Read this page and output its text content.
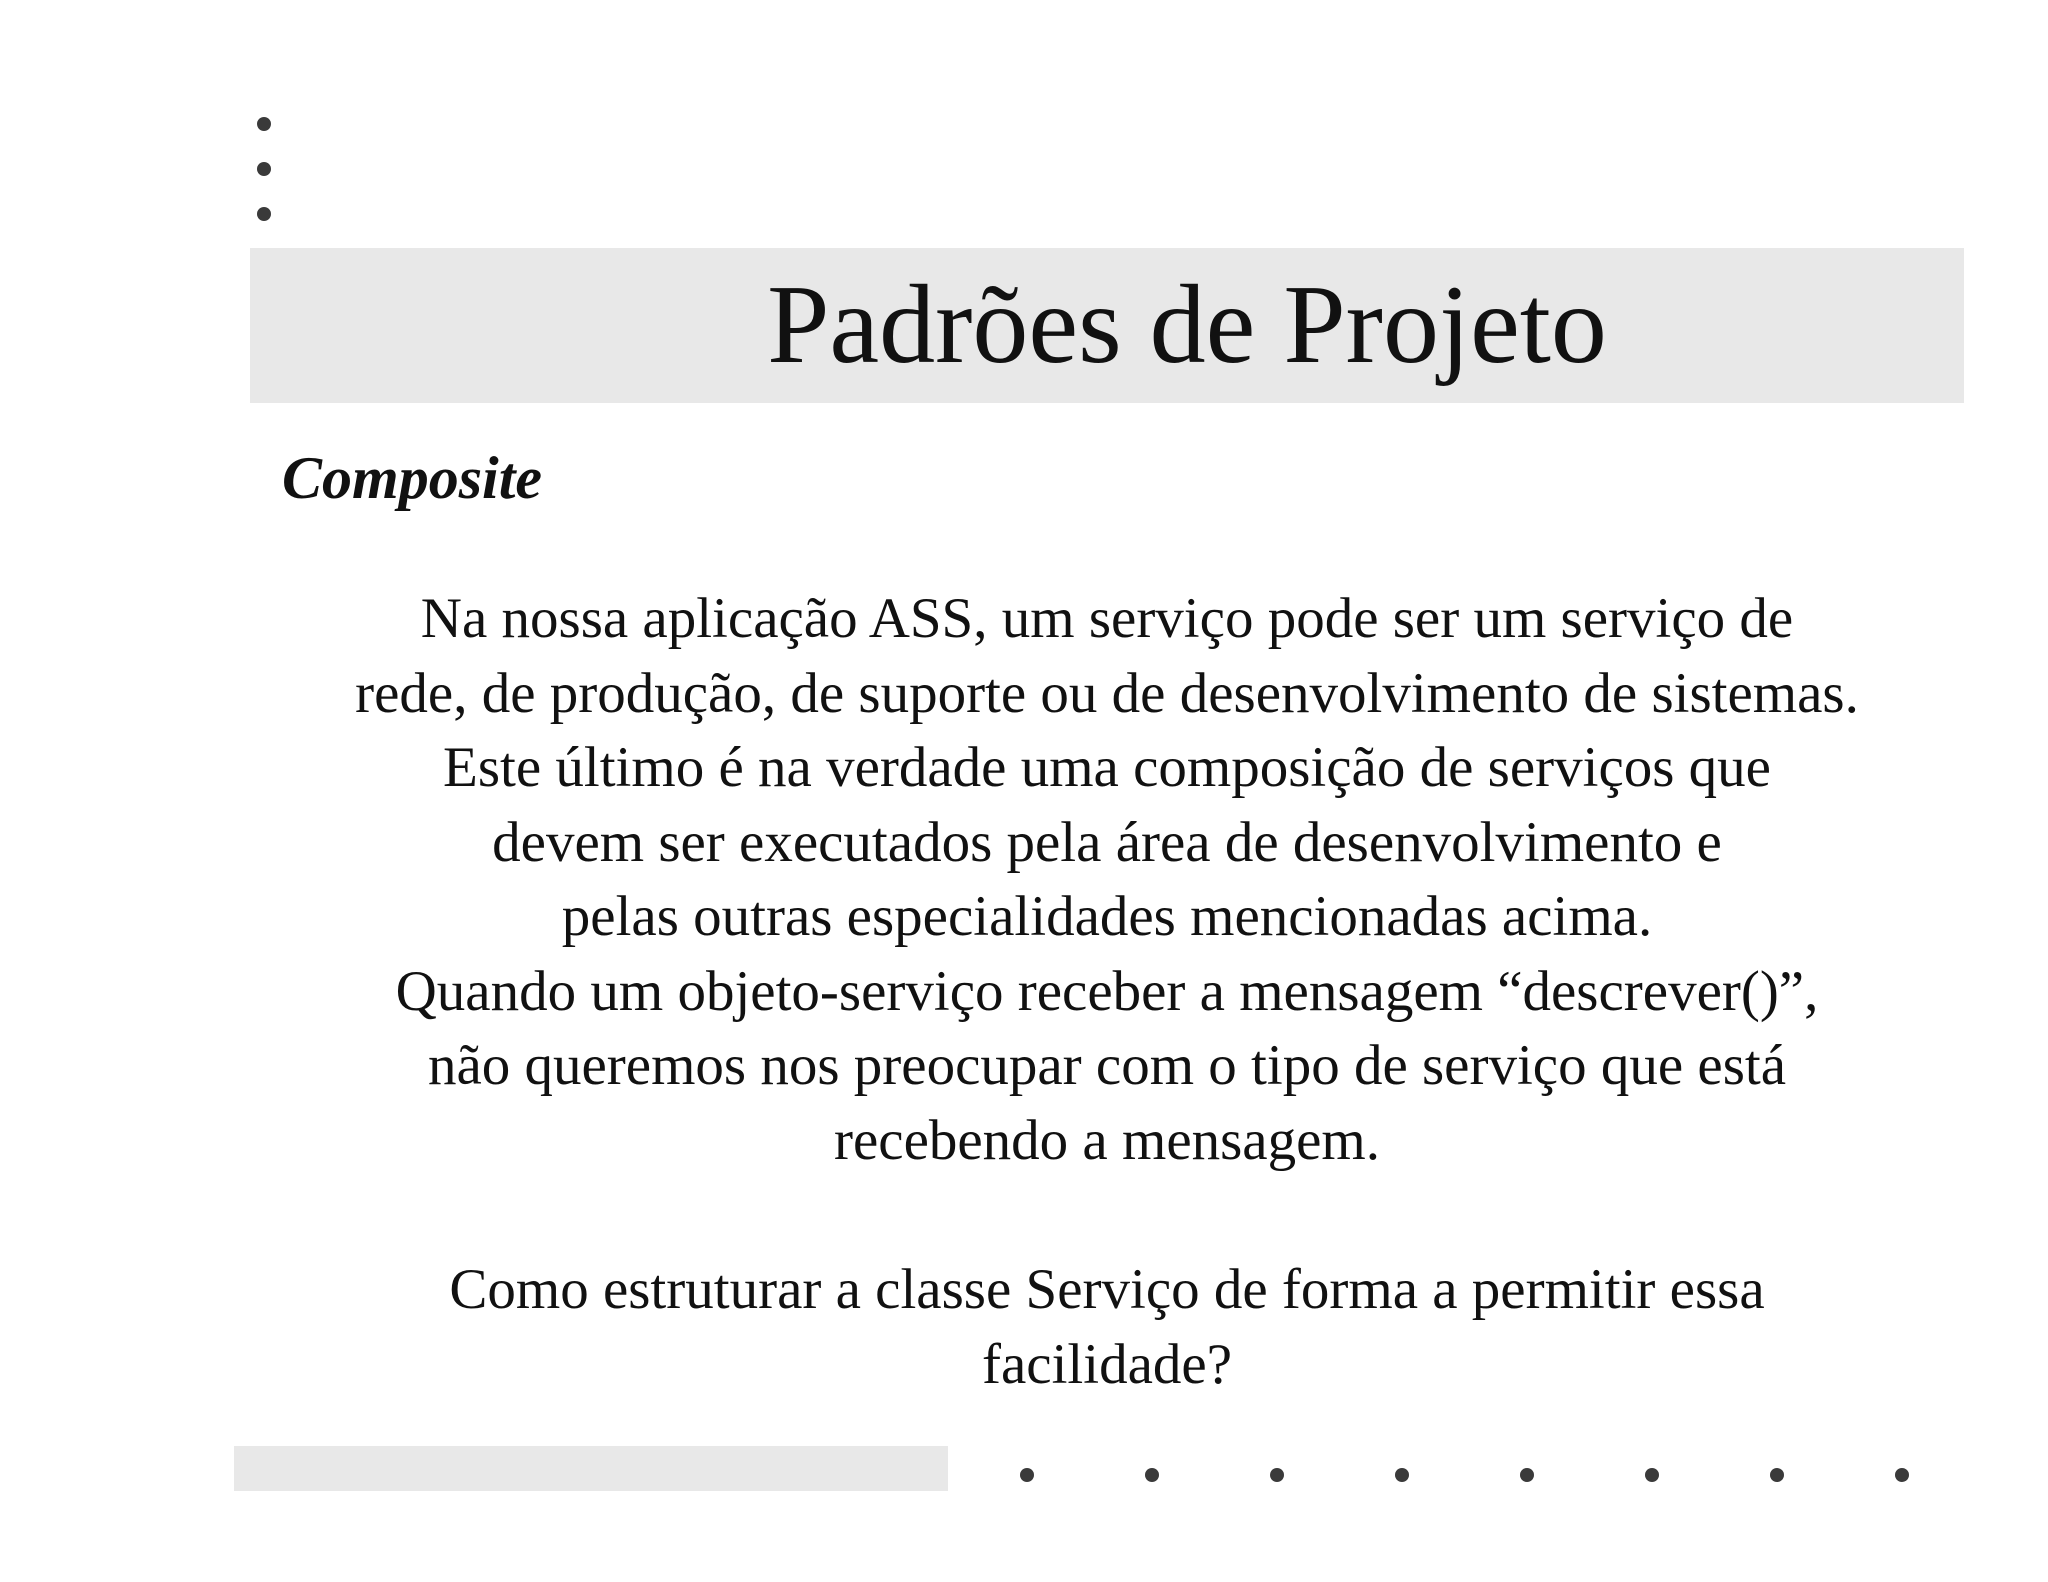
Padrões de Projeto
Composite
Na nossa aplicação ASS, um serviço pode ser um serviço de
rede, de produção, de suporte ou de desenvolvimento de sistemas.
Este último é na verdade uma composição de serviços que
devem ser executados pela área de desenvolvimento e
pelas outras especialidades mencionadas acima.
Quando um objeto-serviço receber a mensagem “descrever()”,
não queremos nos preocupar com o tipo de serviço que está
recebendo a mensagem.
Como estruturar a classe Serviço de forma a permitir essa
facilidade?
